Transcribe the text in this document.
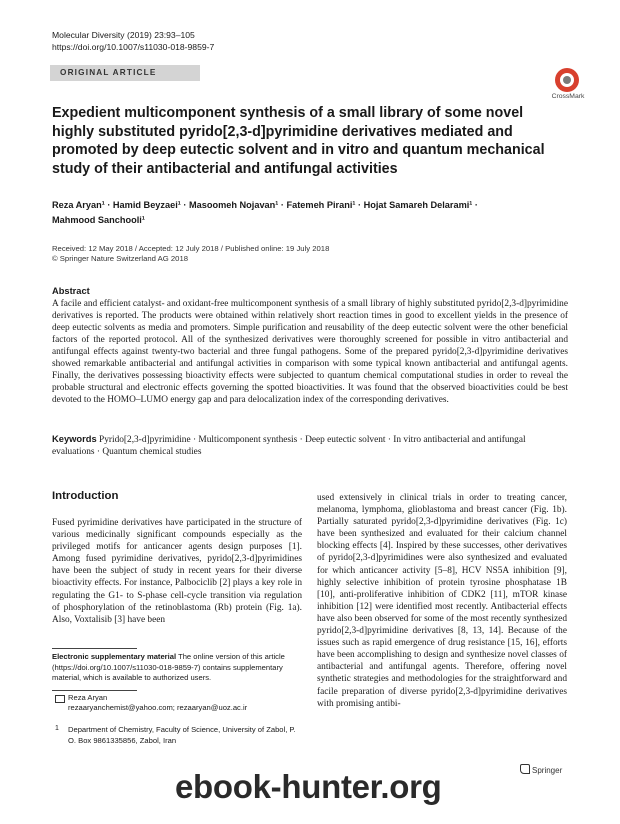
Molecular Diversity (2019) 23:93–105
https://doi.org/10.1007/s11030-018-9859-7
ORIGINAL ARTICLE
CrossMark
Expedient multicomponent synthesis of a small library of some novel highly substituted pyrido[2,3-d]pyrimidine derivatives mediated and promoted by deep eutectic solvent and in vitro and quantum mechanical study of their antibacterial and antifungal activities
Reza Aryan¹ · Hamid Beyzaei¹ · Masoomeh Nojavan¹ · Fatemeh Pirani¹ · Hojat Samareh Delarami¹ ·
Mahmood Sanchooli¹
Received: 12 May 2018 / Accepted: 12 July 2018 / Published online: 19 July 2018
© Springer Nature Switzerland AG 2018
Abstract
A facile and efficient catalyst- and oxidant-free multicomponent synthesis of a small library of highly substituted pyrido[2,3-d]pyrimidine derivatives is reported. The products were obtained within relatively short reaction times in good to excellent yields in the presence of deep eutectic solvents as media and promoters. Simple purification and reusability of the deep eutectic solvent were the other beneficial factors of the reported protocol. All of the synthesized derivatives were thoroughly screened for possible in vitro antibacterial and antifungal effects against twenty-two bacterial and three fungal pathogens. Some of the prepared pyrido[2,3-d]pyrimidine derivatives showed remarkable antibacterial and antifungal activities in comparison with some typical known antibacterial and antifungal agents. Finally, the derivatives possessing bioactivity effects were subjected to quantum chemical computational studies in order to reveal the probable structural and electronic effects governing the spotted bioactivities. It was found that the observed bioactivities could be best devoted to the HOMO–LUMO energy gap and para delocalization index of the corresponding derivatives.
Keywords Pyrido[2,3-d]pyrimidine · Multicomponent synthesis · Deep eutectic solvent · In vitro antibacterial and antifungal evaluations · Quantum chemical studies
Introduction
Fused pyrimidine derivatives have participated in the structure of various medicinally significant compounds especially as the privileged motifs for anticancer agents design purposes [1]. Among fused pyrimidine derivatives, pyrido[2,3-d]pyrimidines have been the subject of study in recent years for their diverse bioactivity effects. For instance, Palbociclib [2] plays a key role in regulating the G1- to S-phase cell-cycle transition via regulation of phosphorylation of the retinoblastoma (Rb) protein (Fig. 1a). Also, Voxtalisib [3] have been
used extensively in clinical trials in order to treating cancer, melanoma, lymphoma, glioblastoma and breast cancer (Fig. 1b). Partially saturated pyrido[2,3-d]pyrimidine derivatives (Fig. 1c) have been synthesized and evaluated for their calcium channel blocking effects [4]. Inspired by these successes, other derivatives of pyrido[2,3-d]pyrimidines were also synthesized and evaluated for which anticancer activity [5–8], HCV NS5A inhibition [9], highly selective inhibition of protein tyrosine phosphatase 1B [10], anti-proliferative inhibition of CDK2 [11], mTOR kinase inhibition [12] were identified most recently. Antibacterial effects have also been observed for some of the most recently synthesized pyrido[2,3-d]pyrimidine derivatives [8, 13, 14]. Because of the issues such as rapid emergence of drug resistance [15, 16], efforts have been accomplishing to design and synthesize novel classes of antibacterial and antifungal agents. Therefore, offering novel synthetic strategies and methodologies for the straightforward and facile preparation of diverse pyrido[2,3-d]pyrimidine derivatives with promising antibi-
Electronic supplementary material The online version of this article (https://doi.org/10.1007/s11030-018-9859-7) contains supplementary material, which is available to authorized users.
Reza Aryan
rezaaryanchemist@yahoo.com; rezaaryan@uoz.ac.ir
1 Department of Chemistry, Faculty of Science, University of Zabol, P. O. Box 9861335856, Zabol, Iran
Springer
ebook-hunter.org
